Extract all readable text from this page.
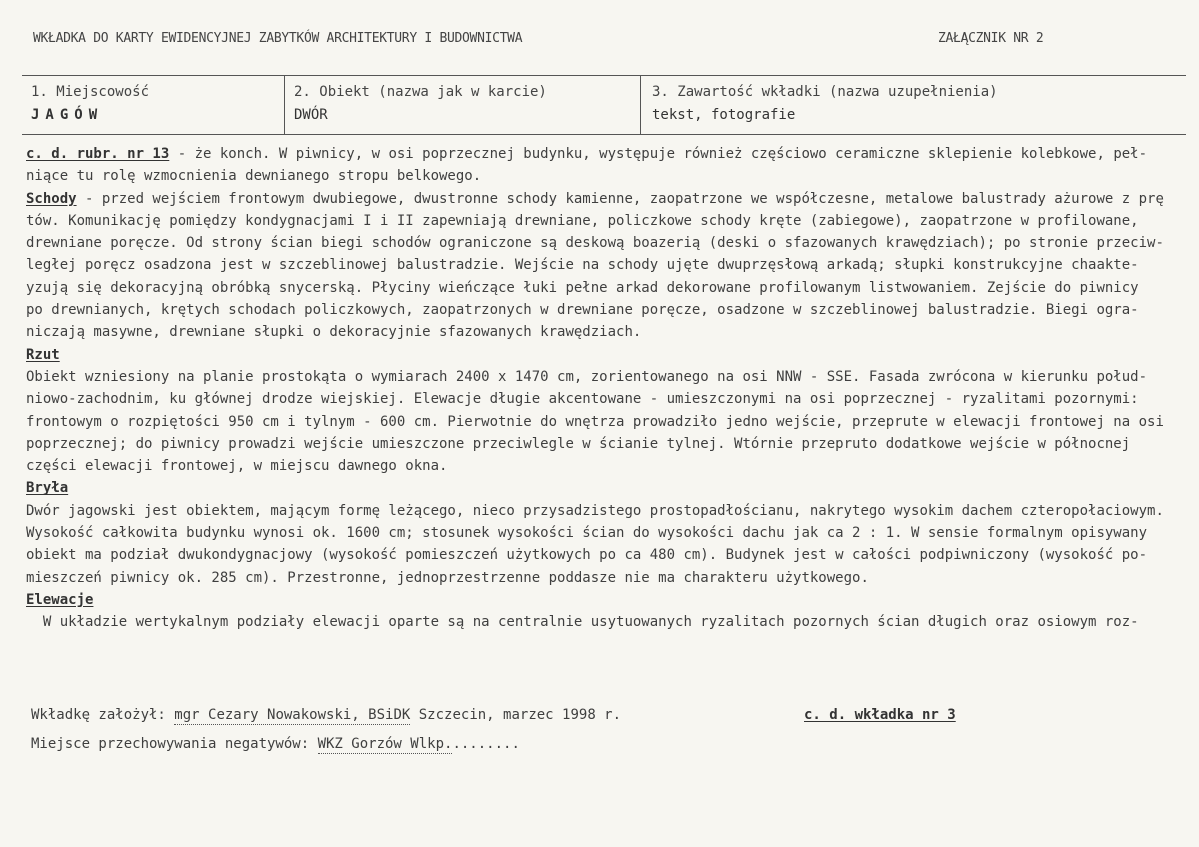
WKŁADKA DO KARTY EWIDENCYJNEJ ZABYTKÓW ARCHITEKTURY I BUDOWNICTWA	ZAŁĄCZNIK NR 2
1. Miejscowość
JAGÓW
2. Obiekt (nazwa jak w karcie)
DWÓR
3. Zawartość wkładki (nazwa uzupełnienia)
tekst, fotografie
c. d. rubr. nr 13 - że konch. W piwnicy, w osi poprzecznej budynku, występuje również częściowo ceramiczne sklepienie kolebkowe, peł-
niące tu rolę wzmocnienia dewnianego stropu belkowego.
Schody - przed wejściem frontowym dwubiegowe, dwustronne schody kamienne, zaopatrzone we współczesne, metalowe balustrady ażurowe z prę
tów. Komunikację pomiędzy kondygnacjami I i II zapewniają drewniane, policzkowe schody kręte (zabiegowe), zaopatrzone w profilowane,
drewniane poręcze. Od strony ścian biegi schodów ograniczone są deskową boazerią (deski o sfazowanych krawędziach); po stronie przeciw-
ległej poręcz osadzona jest w szczeblinowej balustradzie. Wejście na schody ujęte dwuprzęsłową arkadą; słupki konstrukcyjne chaakte-
yzują się dekoracyjną obróbką snycerską. Płyciny wieńczące łuki pełne arkad dekorowane profilowanym listwowaniem. Zejście do piwnicy
po drewnianych, krętych schodach policzkowych, zaopatrzonych w drewniane poręcze, osadzone w szczeblinowej balustradzie. Biegi ogra-
niczają masywne, drewniane słupki o dekoracyjnie sfazowanych krawędziach.
Rzut
Obiekt wzniesiony na planie prostokąta o wymiarach 2400 x 1470 cm, zorientowanego na osi NNW - SSE. Fasada zwrócona w kierunku połud-
niowo-zachodnim, ku głównej drodze wiejskiej. Elewacje długie akcentowane - umieszczonymi na osi poprzecznej - ryzalitami pozornymi:
frontowym o rozpiętości 950 cm i tylnym - 600 cm. Pierwotnie do wnętrza prowadziło jedno wejście, przeprute w elewacji frontowej na osi
poprzecznej; do piwnicy prowadzi wejście umieszczone przeciwlegle w ścianie tylnej. Wtórnie przepruto dodatkowe wejście w północnej
części elewacji frontowej, w miejscu dawnego okna.
Bryła
Dwór jagowski jest obiektem, mającym formę leżącego, nieco przysadzistego prostopadłościanu, nakrytego wysokim dachem czteropołaciowym.
Wysokość całkowita budynku wynosi ok. 1600 cm; stosunek wysokości ścian do wysokości dachu jak ca 2 : 1. W sensie formalnym opisywany
obiekt ma podział dwukondygnacjowy (wysokość pomieszczeń użytkowych po ca 480 cm). Budynek jest w całości podpiwniczony (wysokość po-
mieszczeń piwnicy ok. 285 cm). Przestronne, jednoprzestrzenne poddasze nie ma charakteru użytkowego.
Elewacje
W układzie wertykalnym podziały elewacji oparte są na centralnie usytuowanych ryzalitach pozornych ścian długich oraz osiowym roz-
Wkładkę założył: mgr Cezary Nowakowski, BSiDK Szczecin, marzec 1998 r.	c. d. wkładka nr 3
Miejsce przechowywania negatywów: WKZ Gorzów Wlkp.........
